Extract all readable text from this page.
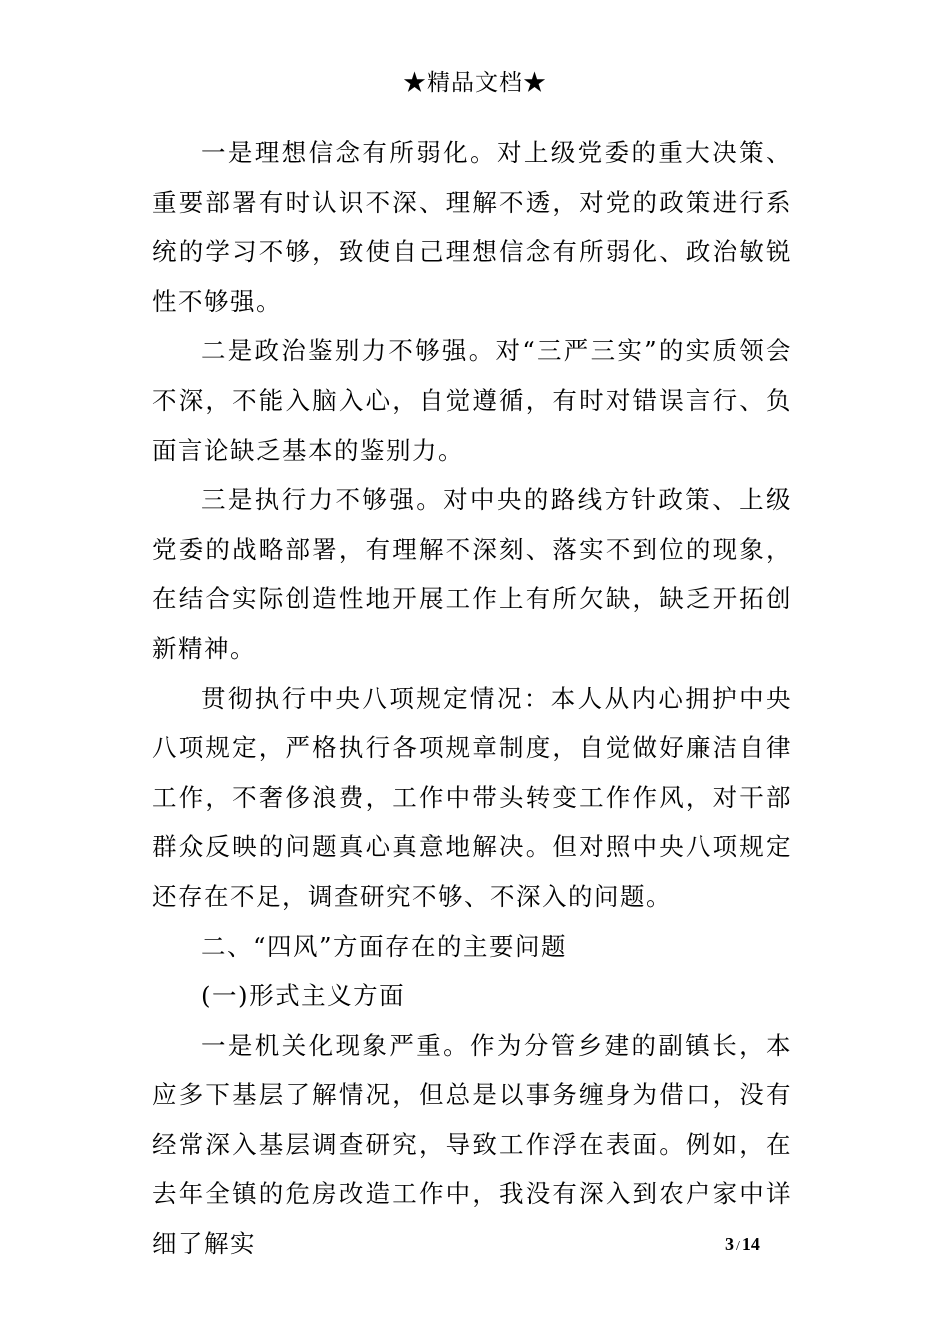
★精品文档★

一是理想信念有所弱化。对上级党委的重大决策、重要部署有时认识不深、理解不透，对党的政策进行系统的学习不够，致使自己理想信念有所弱化、政治敏锐性不够强。

二是政治鉴别力不够强。对“三严三实”的实质领会不深，不能入脑入心，自觉遵循，有时对错误言行、负面言论缺乏基本的鉴别力。

三是执行力不够强。对中央的路线方针政策、上级党委的战略部署，有理解不深刻、落实不到位的现象，在结合实际创造性地开展工作上有所欠缺，缺乏开拓创新精神。

贯彻执行中央八项规定情况：本人从内心拥护中央八项规定，严格执行各项规章制度，自觉做好廉洁自律工作，不奢侈浪费，工作中带头转变工作作风，对干部群众反映的问题真心真意地解决。但对照中央八项规定还存在不足，调查研究不够、不深入的问题。

二、“四风”方面存在的主要问题

(一)形式主义方面

一是机关化现象严重。作为分管乡建的副镇长，本应多下基层了解情况，但总是以事务缠身为借口，没有经常深入基层调查研究，导致工作浮在表面。例如，在去年全镇的危房改造工作中，我没有深入到农户家中详细了解实	3 / 14
